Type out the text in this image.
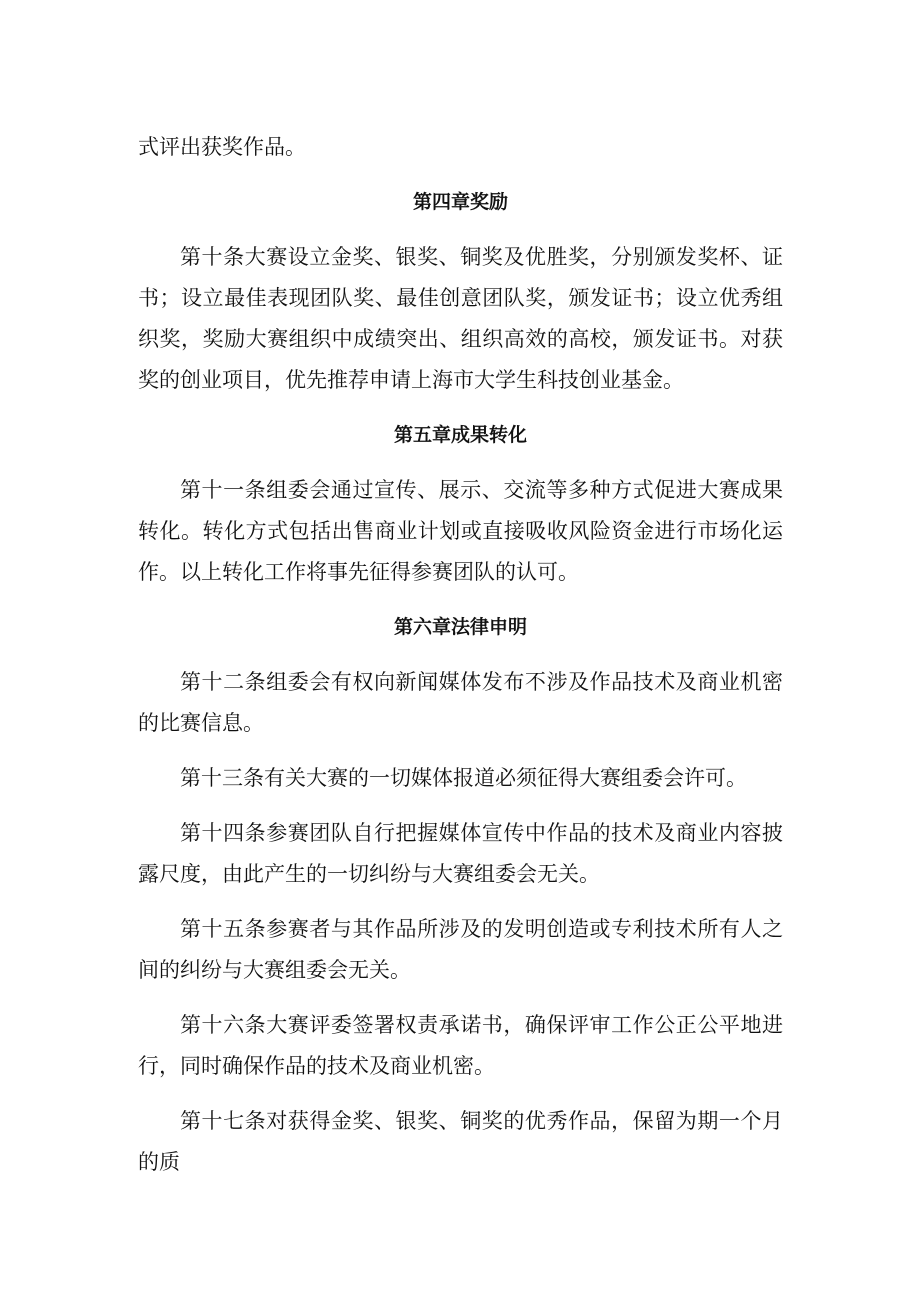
式评出获奖作品。

第四章奖励

第十条大赛设立金奖、银奖、铜奖及优胜奖，分别颁发奖杯、证书；设立最佳表现团队奖、最佳创意团队奖，颁发证书；设立优秀组织奖，奖励大赛组织中成绩突出、组织高效的高校，颁发证书。对获奖的创业项目，优先推荐申请上海市大学生科技创业基金。

第五章成果转化

第十一条组委会通过宣传、展示、交流等多种方式促进大赛成果转化。转化方式包括出售商业计划或直接吸收风险资金进行市场化运作。以上转化工作将事先征得参赛团队的认可。

第六章法律申明

第十二条组委会有权向新闻媒体发布不涉及作品技术及商业机密的比赛信息。

第十三条有关大赛的一切媒体报道必须征得大赛组委会许可。

第十四条参赛团队自行把握媒体宣传中作品的技术及商业内容披露尺度，由此产生的一切纠纷与大赛组委会无关。

第十五条参赛者与其作品所涉及的发明创造或专利技术所有人之间的纠纷与大赛组委会无关。

第十六条大赛评委签署权责承诺书，确保评审工作公正公平地进行，同时确保作品的技术及商业机密。

第十七条对获得金奖、银奖、铜奖的优秀作品，保留为期一个月的质
